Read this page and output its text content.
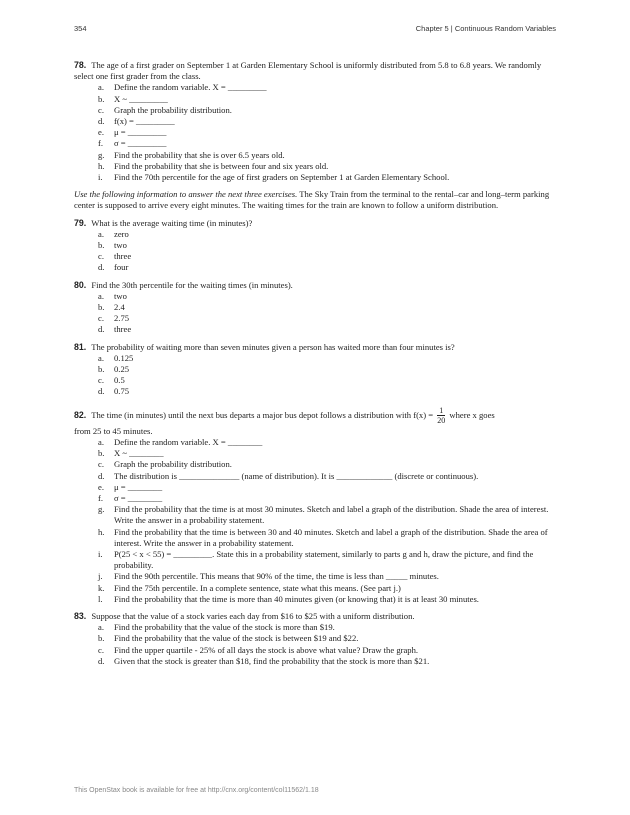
354	Chapter 5 | Continuous Random Variables
78. The age of a first grader on September 1 at Garden Elementary School is uniformly distributed from 5.8 to 6.8 years. We randomly select one first grader from the class.
a.	Define the random variable. X = _________
b.	X ~ _________
c.	Graph the probability distribution.
d.	f(x) = _________
e.	μ = _________
f.	σ = _________
g.	Find the probability that she is over 6.5 years old.
h.	Find the probability that she is between four and six years old.
i.	Find the 70th percentile for the age of first graders on September 1 at Garden Elementary School.
Use the following information to answer the next three exercises. The Sky Train from the terminal to the rental–car and long–term parking center is supposed to arrive every eight minutes. The waiting times for the train are known to follow a uniform distribution.
79. What is the average waiting time (in minutes)?
a.	zero
b.	two
c.	three
d.	four
80. Find the 30th percentile for the waiting times (in minutes).
a.	two
b.	2.4
c.	2.75
d.	three
81. The probability of waiting more than seven minutes given a person has waited more than four minutes is?
a.	0.125
b.	0.25
c.	0.5
d.	0.75
82. The time (in minutes) until the next bus departs a major bus depot follows a distribution with $f(x) = \frac{1}{20}$ where x goes
from 25 to 45 minutes.
a.	Define the random variable. X = ________
b.	X ~ ________
c.	Graph the probability distribution.
d.	The distribution is ______________ (name of distribution). It is _____________ (discrete or continuous).
e.	μ = ________
f.	σ = ________
g.	Find the probability that the time is at most 30 minutes. Sketch and label a graph of the distribution. Shade the area of interest. Write the answer in a probability statement.
h.	Find the probability that the time is between 30 and 40 minutes. Sketch and label a graph of the distribution. Shade the area of interest. Write the answer in a probability statement.
i.	P(25 < x < 55) = _________. State this in a probability statement, similarly to parts g and h, draw the picture, and find the probability.
j.	Find the 90th percentile. This means that 90% of the time, the time is less than _____ minutes.
k.	Find the 75th percentile. In a complete sentence, state what this means. (See part j.)
l.	Find the probability that the time is more than 40 minutes given (or knowing that) it is at least 30 minutes.
83. Suppose that the value of a stock varies each day from $16 to $25 with a uniform distribution.
a.	Find the probability that the value of the stock is more than $19.
b.	Find the probability that the value of the stock is between $19 and $22.
c.	Find the upper quartile - 25% of all days the stock is above what value? Draw the graph.
d.	Given that the stock is greater than $18, find the probability that the stock is more than $21.
This OpenStax book is available for free at http://cnx.org/content/col11562/1.18
